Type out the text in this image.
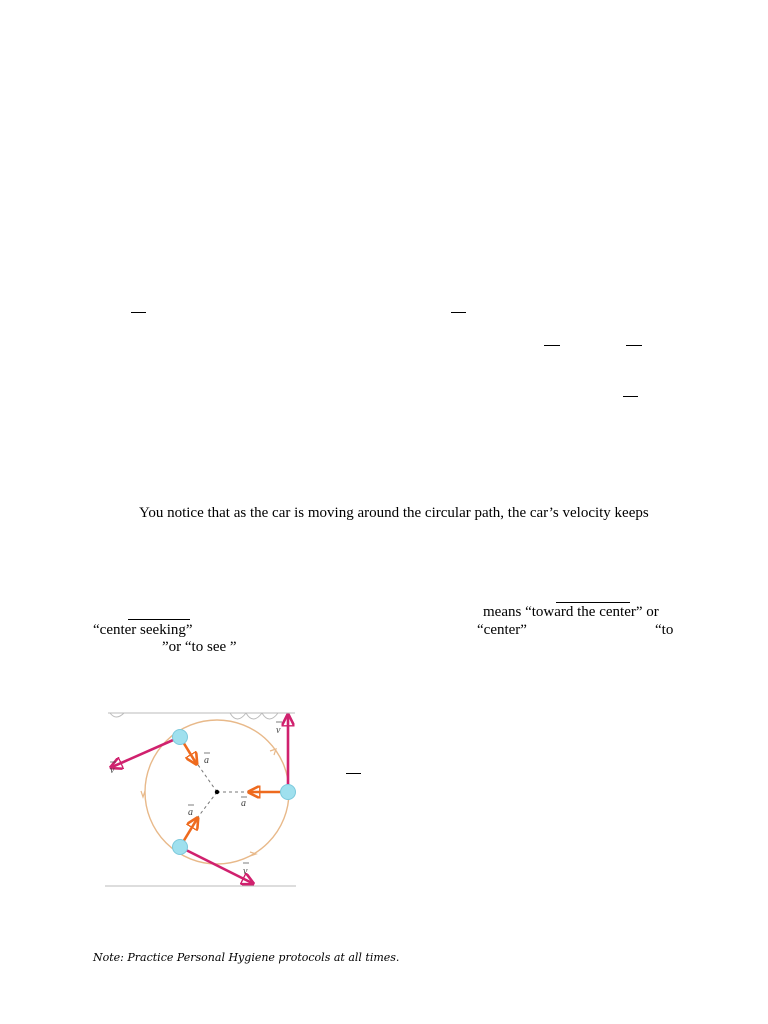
You notice that as the car is moving around the circular path, the car’s velocity keeps
means “toward the center” or
“center seeking”	“center”	“to
”or “to see ”
v
v
v
a
a
a
Note: Practice Personal Hygiene protocols at all times.
